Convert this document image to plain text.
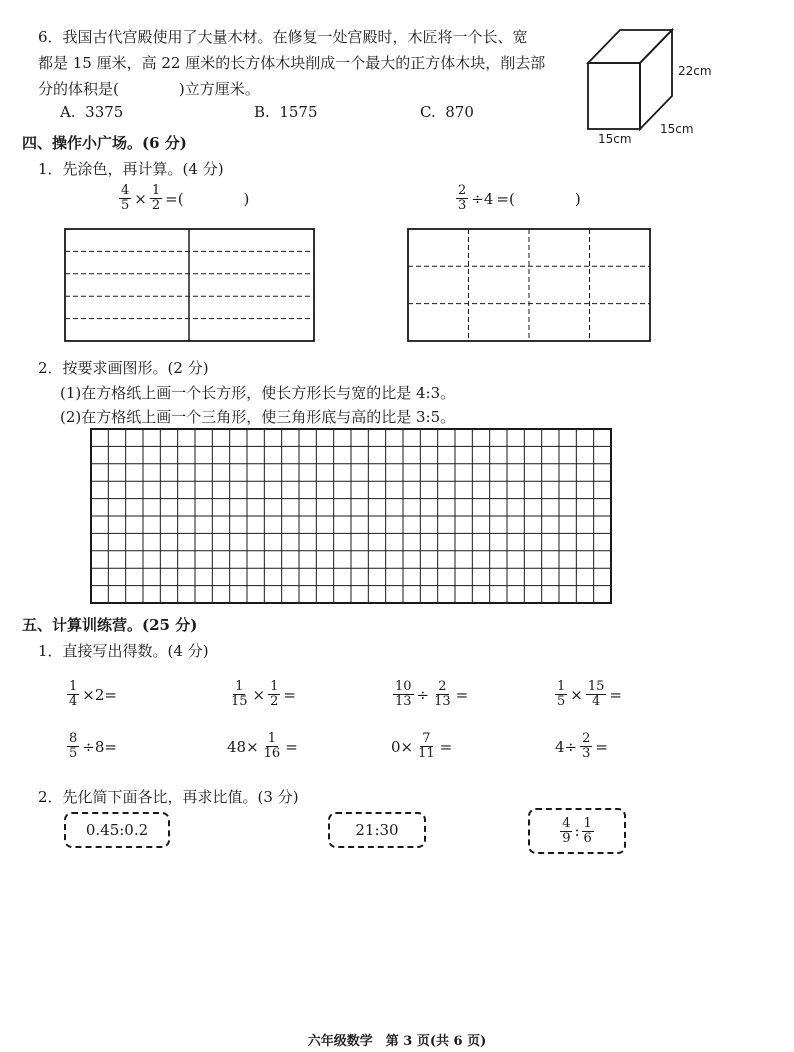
6．我国古代宫殿使用了大量木材。在修复一处宫殿时，木匠将一个长、宽
都是 15 厘米，高 22 厘米的长方体木块削成一个最大的正方体木块，削去部
分的体积是(　　　　)立方厘米。
A. 3375	B. 1575	C. 870
22cm
15cm
15cm
四、操作小广场。(6 分)
1．先涂色，再计算。(4 分)
$\frac{4}{5} \times \frac{1}{2}$ =(　　　　)	$\frac{2}{3} \div 4$ =(　　　　)
2．按要求画图形。(2 分)
(1)在方格纸上画一个长方形，使长方形长与宽的比是 4:3。
(2)在方格纸上画一个三角形，使三角形底与高的比是 3:5。
五、计算训练营。(25 分)
1．直接写出得数。(4 分)
$\frac{1}{4} \times 2=$	$\frac{1}{15} \times \frac{1}{2}$ =	$\frac{10}{13} \div \frac{2}{13}$ =	$\frac{1}{5} \times \frac{15}{4}$ =
$\frac{8}{5} \div 8=$	$48\times \frac{1}{16}$ =	$0\times \frac{7}{11}$ =	$4\div \frac{2}{3}$ =
2．先化简下面各比，再求比值。(3 分)
0.45:0.2	21:30	$\frac{4}{9}$ : $\frac{1}{6}$
六年级数学　第 3 页(共 6 页)
